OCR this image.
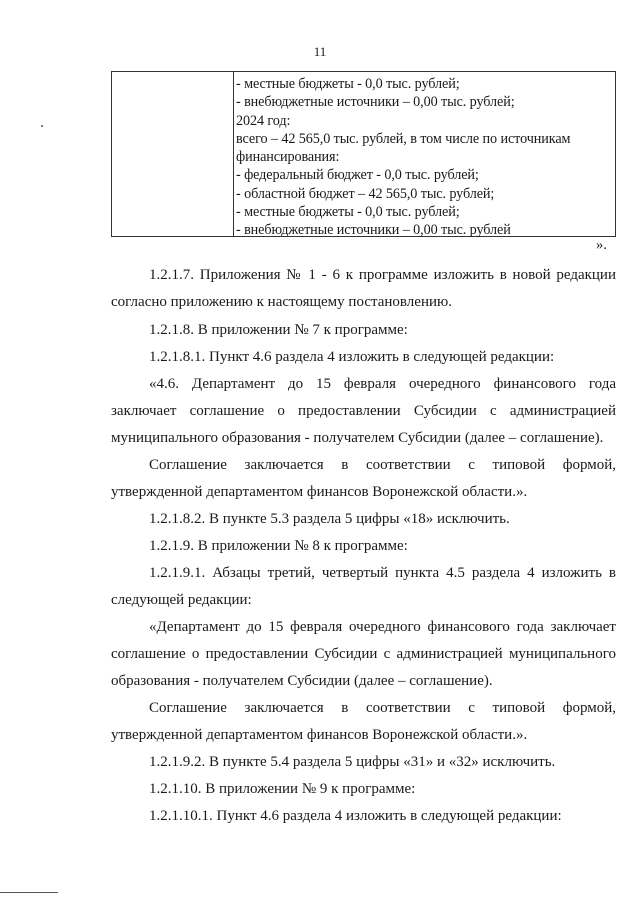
11
- местные бюджеты - 0,0 тыс. рублей;
- внебюджетные источники – 0,00 тыс. рублей;
2024 год:
всего – 42 565,0 тыс. рублей, в том числе по источникам
финансирования:
- федеральный бюджет - 0,0 тыс. рублей;
- областной бюджет – 42 565,0 тыс. рублей;
- местные бюджеты - 0,0 тыс. рублей;
- внебюджетные источники – 0,00 тыс. рублей
».
1.2.1.7. Приложения № 1 - 6 к программе изложить в новой редакции
согласно приложению к настоящему постановлению.
1.2.1.8. В приложении № 7 к программе:
1.2.1.8.1. Пункт 4.6 раздела 4 изложить в следующей редакции:
«4.6. Департамент до 15 февраля очередного финансового года
заключает соглашение о предоставлении Субсидии с администрацией
муниципального образования - получателем Субсидии (далее – соглашение).
Соглашение заключается в соответствии с типовой формой,
утвержденной департаментом финансов Воронежской области.».
1.2.1.8.2. В пункте 5.3 раздела 5 цифры «18» исключить.
1.2.1.9. В приложении № 8 к программе:
1.2.1.9.1. Абзацы третий, четвертый пункта 4.5 раздела 4 изложить в
следующей редакции:
«Департамент до 15 февраля очередного финансового года заключает
соглашение о предоставлении Субсидии с администрацией муниципального
образования - получателем Субсидии (далее – соглашение).
Соглашение заключается в соответствии с типовой формой,
утвержденной департаментом финансов Воронежской области.».
1.2.1.9.2. В пункте 5.4 раздела 5 цифры «31» и «32» исключить.
1.2.1.10. В приложении № 9 к программе:
1.2.1.10.1. Пункт 4.6 раздела 4 изложить в следующей редакции:
